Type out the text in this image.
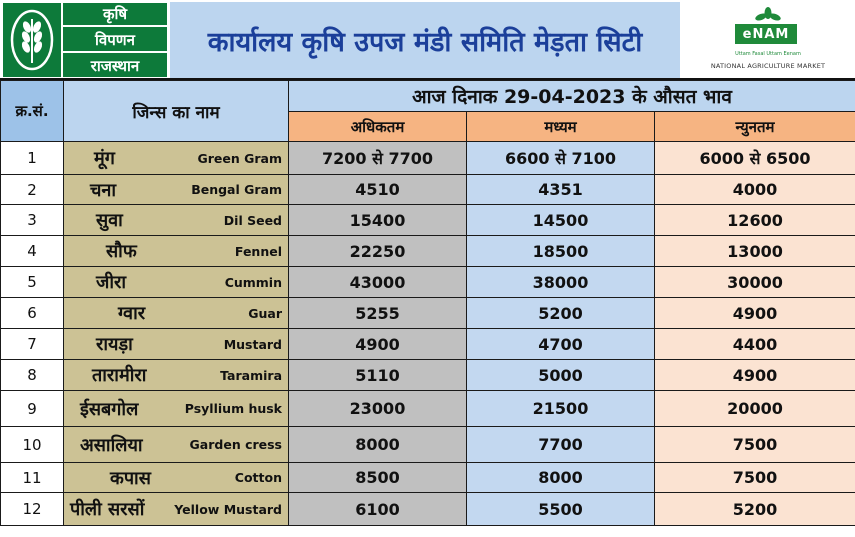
कृषि
विपणन
राजस्थान
कार्यालय कृषि उपज मंडी समिति मेड़ता सिटी	eNAM
Uttam Fasal Uttam Eenam
NATIONAL AGRICULTURE MARKET
क्र.सं.	जिन्स का नाम	आज दिनाक 29-04-2023 के औसत भाव		
		अधिकतम	मध्यम	न्युनतम
1	मूंग Green Gram	7200 से 7700	6600 से 7100	6000 से 6500
2	चना Bengal Gram	4510	4351	4000
3	सुवा Dil Seed	15400	14500	12600
4	सौफ Fennel	22250	18500	13000
5	जीरा Cummin	43000	38000	30000
6	ग्वार Guar	5255	5200	4900
7	रायड़ा Mustard	4900	4700	4400
8	तारामीरा Taramira	5110	5000	4900
9	ईसबगोल Psyllium husk	23000	21500	20000
10	असालिया Garden cress	8000	7700	7500
11	कपास Cotton	8500	8000	7500
12	पीली सरसों Yellow Mustard	6100	5500	5200
